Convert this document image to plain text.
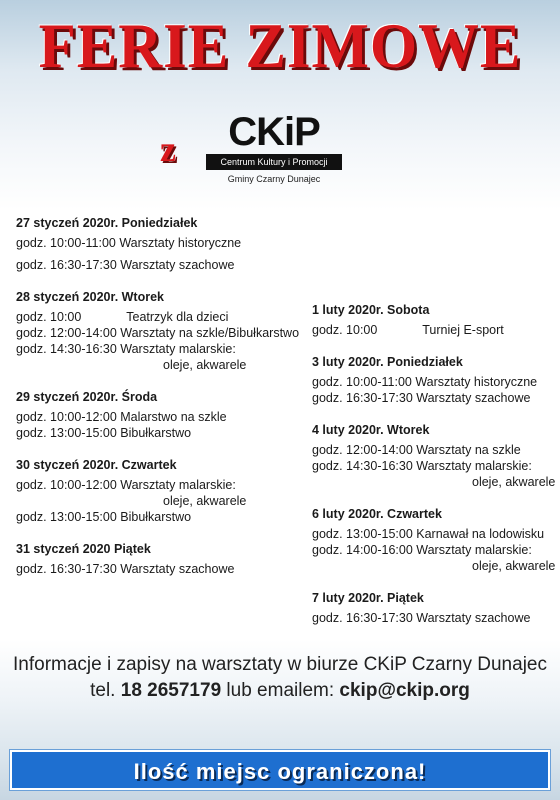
FERIE ZIMOWE
z	CKiP
Centrum Kultury i Promocji
Gminy Czarny Dunajec
27 styczeń 2020r. Poniedziałek
godz. 10:00-11:00 Warsztaty historyczne
godz. 16:30-17:30 Warsztaty szachowe
28 styczeń 2020r. Wtorek
godz. 10:00	Teatrzyk dla dzieci
godz. 12:00-14:00 Warsztaty na szkle/Bibułkarstwo
godz. 14:30-16:30 Warsztaty malarskie:
oleje, akwarele
29 styczeń 2020r. Środa
godz. 10:00-12:00 Malarstwo na szkle
godz. 13:00-15:00 Bibułkarstwo
30 styczeń 2020r. Czwartek
godz. 10:00-12:00 Warsztaty malarskie:
oleje, akwarele
godz. 13:00-15:00 Bibułkarstwo
31 styczeń 2020 Piątek
godz. 16:30-17:30 Warsztaty szachowe
1 luty 2020r. Sobota
godz. 10:00	Turniej E-sport
3 luty 2020r. Poniedziałek
godz. 10:00-11:00 Warsztaty historyczne
godz. 16:30-17:30 Warsztaty szachowe
4 luty 2020r. Wtorek
godz. 12:00-14:00 Warsztaty na szkle
godz. 14:30-16:30 Warsztaty malarskie:
oleje, akwarele
6 luty 2020r. Czwartek
godz. 13:00-15:00 Karnawał na lodowisku
godz. 14:00-16:00 Warsztaty malarskie:
oleje, akwarele
7 luty 2020r. Piątek
godz. 16:30-17:30 Warsztaty szachowe
Informacje i zapisy na warsztaty w biurze CKiP Czarny Dunajec
tel. 18 2657179 lub emailem: ckip@ckip.org
Ilość miejsc ograniczona!
